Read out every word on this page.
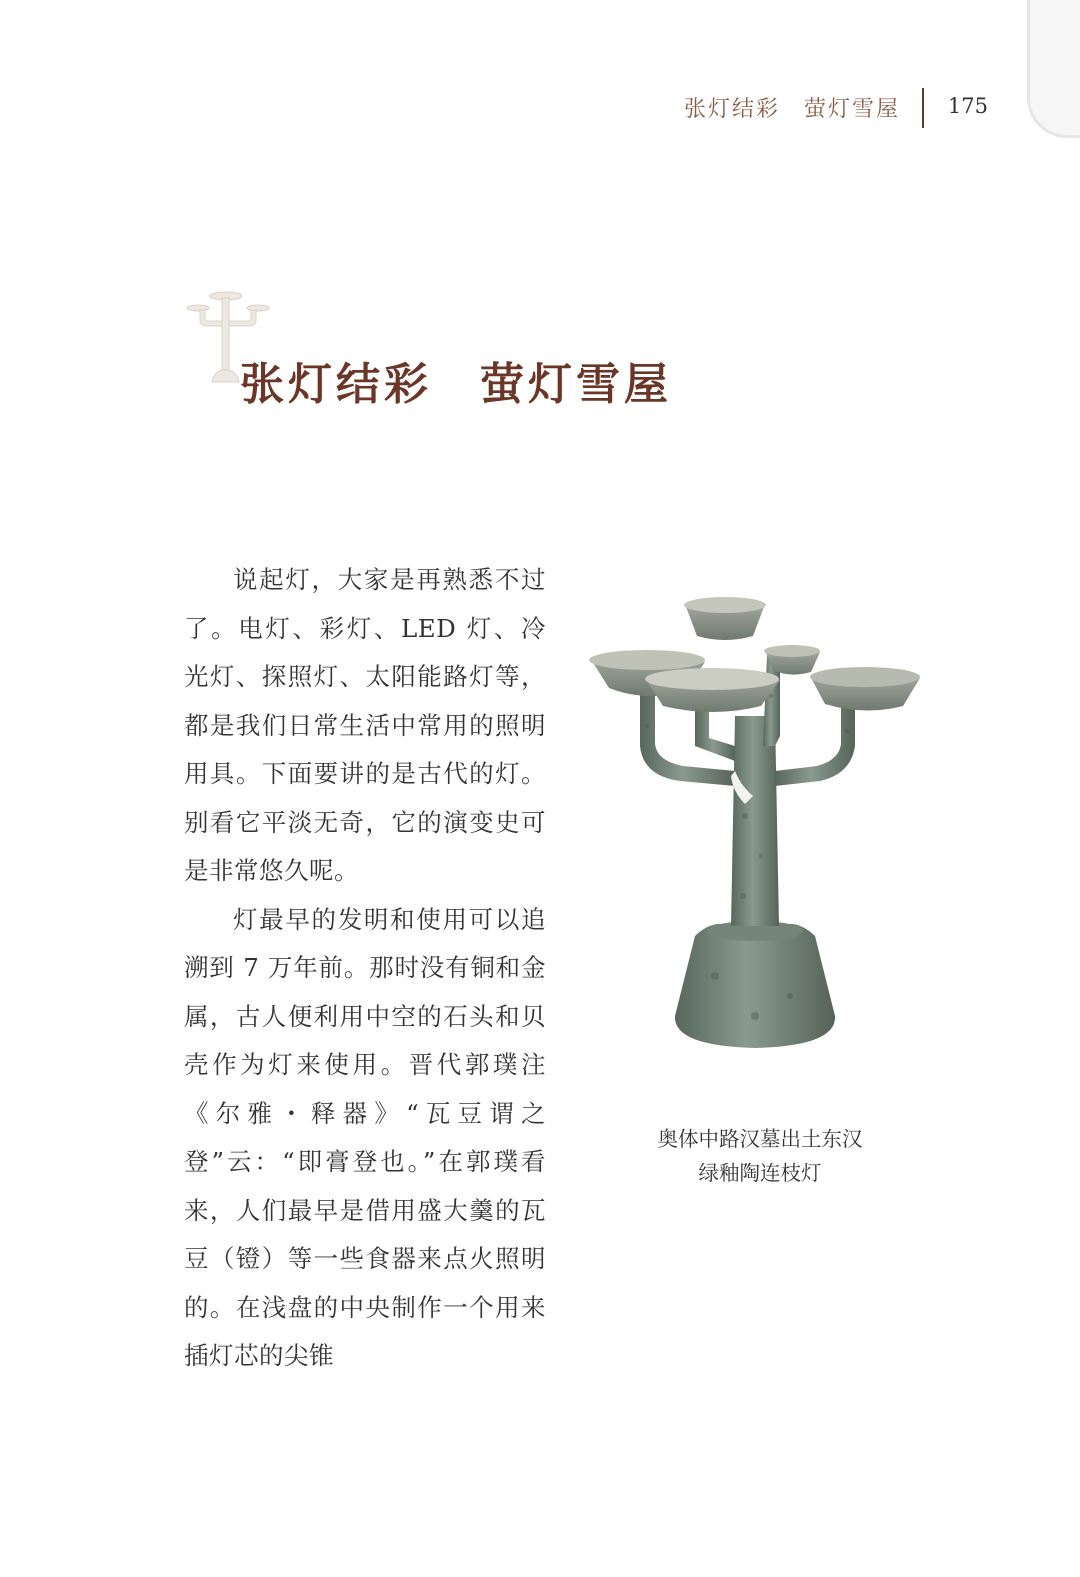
张灯结彩　萤灯雪屋 175
张灯结彩　萤灯雪屋

说起灯，大家是再熟悉不过了。电灯、彩灯、LED 灯、冷光灯、探照灯、太阳能路灯等，都是我们日常生活中常用的照明用具。下面要讲的是古代的灯。别看它平淡无奇，它的演变史可是非常悠久呢。

灯最早的发明和使用可以追溯到 7 万年前。那时没有铜和金属，古人便利用中空的石头和贝壳作为灯来使用。晋代郭璞注《尔雅・释器》“瓦豆谓之登”云：“即膏登也。”在郭璞看来，人们最早是借用盛大羹的瓦豆（镫）等一些食器来点火照明的。在浅盘的中央制作一个用来插灯芯的尖锥

奥体中路汉墓出土东汉
绿釉陶连枝灯
